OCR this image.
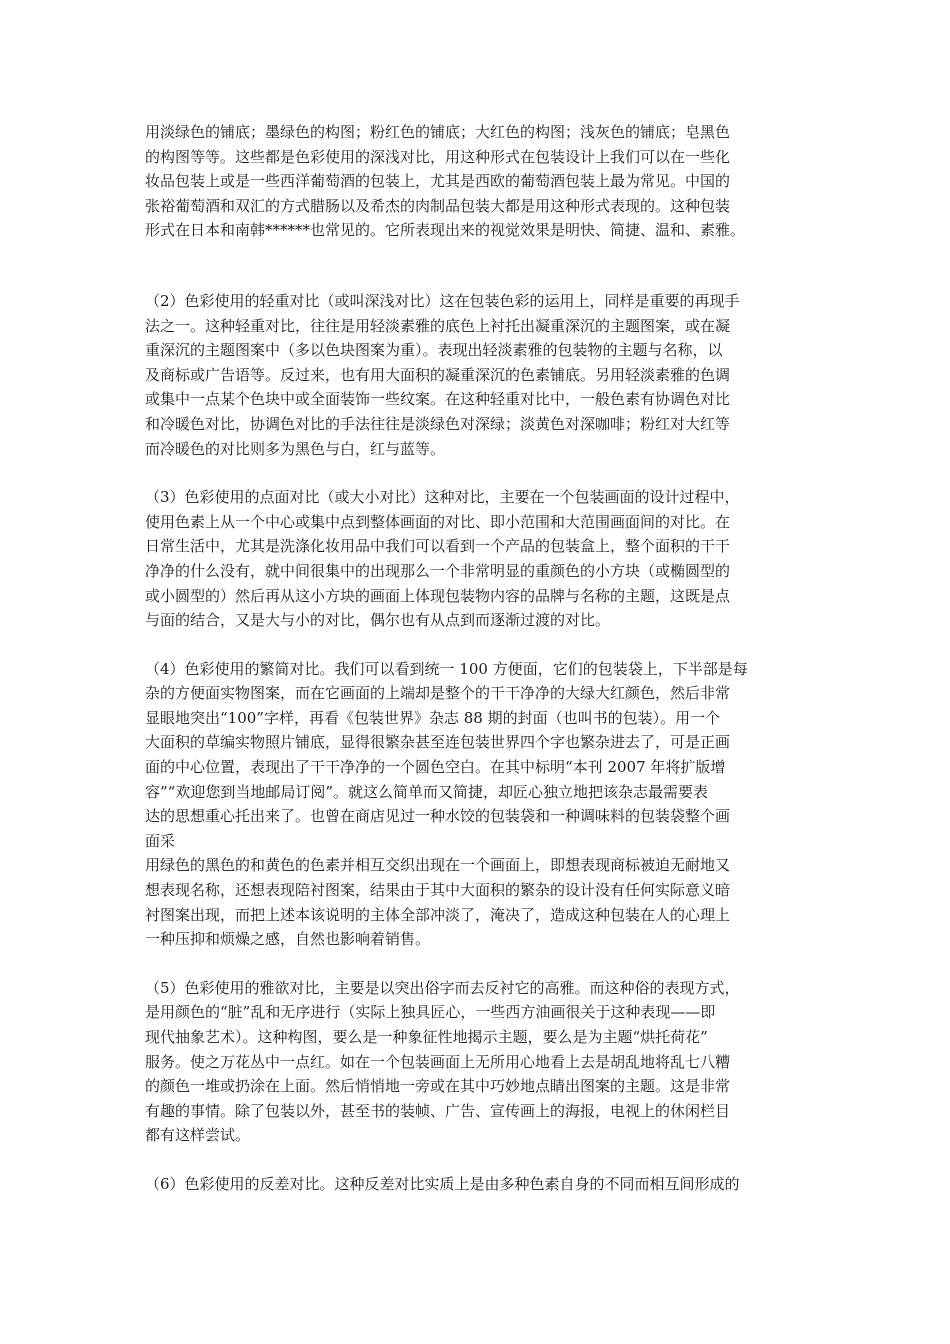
用淡绿色的铺底；墨绿色的构图；粉红色的铺底；大红色的构图；浅灰色的铺底；皂黑色
的构图等等。这些都是色彩使用的深浅对比，用这种形式在包装设计上我们可以在一些化
妆品包装上或是一些西洋葡萄酒的包装上，尤其是西欧的葡萄酒包装上最为常见。中国的
张裕葡萄酒和双汇的方式腊肠以及希杰的肉制品包装大都是用这种形式表现的。这种包装
形式在日本和南韩******也常见的。它所表现出来的视觉效果是明快、简捷、温和、素雅。
（2）色彩使用的轻重对比（或叫深浅对比）这在包装色彩的运用上，同样是重要的再现手
法之一。这种轻重对比，往往是用轻淡素雅的底色上衬托出凝重深沉的主题图案，或在凝
重深沉的主题图案中（多以色块图案为重）。表现出轻淡素雅的包装物的主题与名称，以
及商标或广告语等。反过来，也有用大面积的凝重深沉的色素铺底。另用轻淡素雅的色调
或集中一点某个色块中或全面装饰一些纹案。在这种轻重对比中，一般色素有协调色对比
和冷暖色对比，协调色对比的手法往往是淡绿色对深绿；淡黄色对深咖啡；粉红对大红等
而冷暖色的对比则多为黑色与白，红与蓝等。
（3）色彩使用的点面对比（或大小对比）这种对比，主要在一个包装画面的设计过程中，
使用色素上从一个中心或集中点到整体画面的对比、即小范围和大范围画面间的对比。在
日常生活中，尤其是洗涤化妆用品中我们可以看到一个产品的包装盒上，整个面积的干干
净净的什么没有，就中间很集中的出现那么一个非常明显的重颜色的小方块（或椭圆型的
或小圆型的）然后再从这小方块的画面上体现包装物内容的品牌与名称的主题，这既是点
与面的结合，又是大与小的对比，偶尔也有从点到而逐渐过渡的对比。
（4）色彩使用的繁简对比。我们可以看到统一 100 方便面，它们的包装袋上，下半部是每
杂的方便面实物图案，而在它画面的上端却是整个的干干净净的大绿大红颜色，然后非常
显眼地突出“100”字样，再看《包装世界》杂志 88 期的封面（也叫书的包装）。用一个
大面积的草编实物照片铺底，显得很繁杂甚至连包装世界四个字也繁杂进去了，可是正画
面的中心位置，表现出了干干净净的一个圆色空白。在其中标明“本刊 2007 年将扩版增
容”“欢迎您到当地邮局订阅”。就这么简单而又简捷，却匠心独立地把该杂志最需要表
达的思想重心托出来了。也曾在商店见过一种水饺的包装袋和一种调味料的包装袋整个画
面采
用绿色的黑色的和黄色的色素并相互交织出现在一个画面上，即想表现商标被迫无耐地又
想表现名称，还想表现陪衬图案，结果由于其中大面积的繁杂的设计没有任何实际意义暗
衬图案出现，而把上述本该说明的主体全部冲淡了，淹决了，造成这种包装在人的心理上
一种压抑和烦燥之感，自然也影响着销售。
（5）色彩使用的雅欲对比，主要是以突出俗字而去反衬它的高雅。而这种俗的表现方式，
是用颜色的“脏”乱和无序进行（实际上独具匠心，一些西方油画很关于这种表现——即
现代抽象艺术）。这种构图，要么是一种象征性地揭示主题，要么是为主题“烘托荷花”
服务。使之万花丛中一点红。如在一个包装画面上无所用心地看上去是胡乱地将乱七八糟
的颜色一堆或扔涂在上面。然后悄悄地一旁或在其中巧妙地点睛出图案的主题。这是非常
有趣的事情。除了包装以外，甚至书的装帧、广告、宣传画上的海报，电视上的休闲栏目
都有这样尝试。
（6）色彩使用的反差对比。这种反差对比实质上是由多种色素自身的不同而相互间形成的
